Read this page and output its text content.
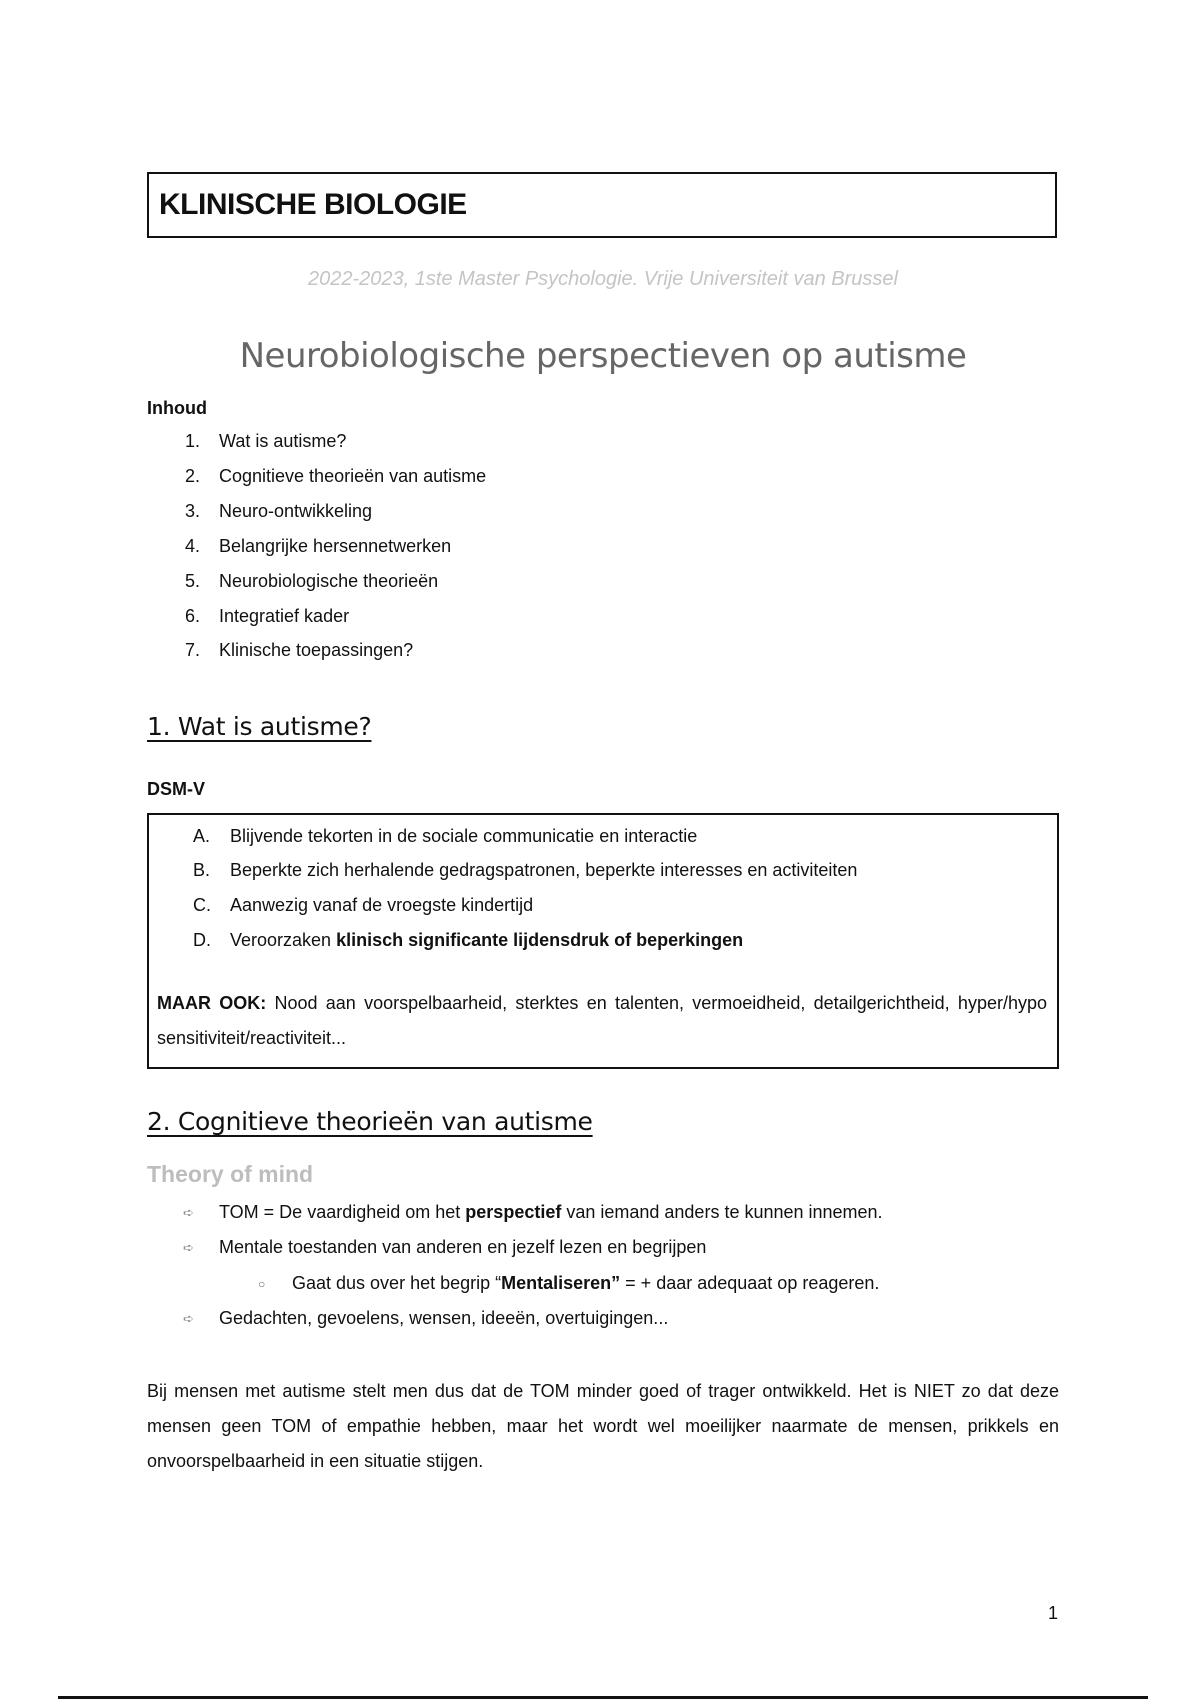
KLINISCHE BIOLOGIE
2022-2023, 1ste Master Psychologie. Vrije Universiteit van Brussel
Neurobiologische perspectieven op autisme
Inhoud
1. Wat is autisme?
2. Cognitieve theorieën van autisme
3. Neuro-ontwikkeling
4. Belangrijke hersennetwerken
5. Neurobiologische theorieën
6. Integratief kader
7. Klinische toepassingen?
1. Wat is autisme?
DSM-V
A. Blijvende tekorten in de sociale communicatie en interactie
B. Beperkte zich herhalende gedragspatronen, beperkte interesses en activiteiten
C. Aanwezig vanaf de vroegste kindertijd
D. Veroorzaken klinisch significante lijdensdruk of beperkingen
MAAR OOK: Nood aan voorspelbaarheid, sterktes en talenten, vermoeidheid, detailgerichtheid, hyper/hypo sensitiviteit/reactiviteit...
2. Cognitieve theorieën van autisme
Theory of mind
➪ TOM = De vaardigheid om het perspectief van iemand anders te kunnen innemen.
➪ Mentale toestanden van anderen en jezelf lezen en begrijpen
○ Gaat dus over het begrip “Mentaliseren” = + daar adequaat op reageren.
➪ Gedachten, gevoelens, wensen, ideeën, overtuigingen...
Bij mensen met autisme stelt men dus dat de TOM minder goed of trager ontwikkeld. Het is NIET zo dat deze mensen geen TOM of empathie hebben, maar het wordt wel moeilijker naarmate de mensen, prikkels en onvoorspelbaarheid in een situatie stijgen.
1
